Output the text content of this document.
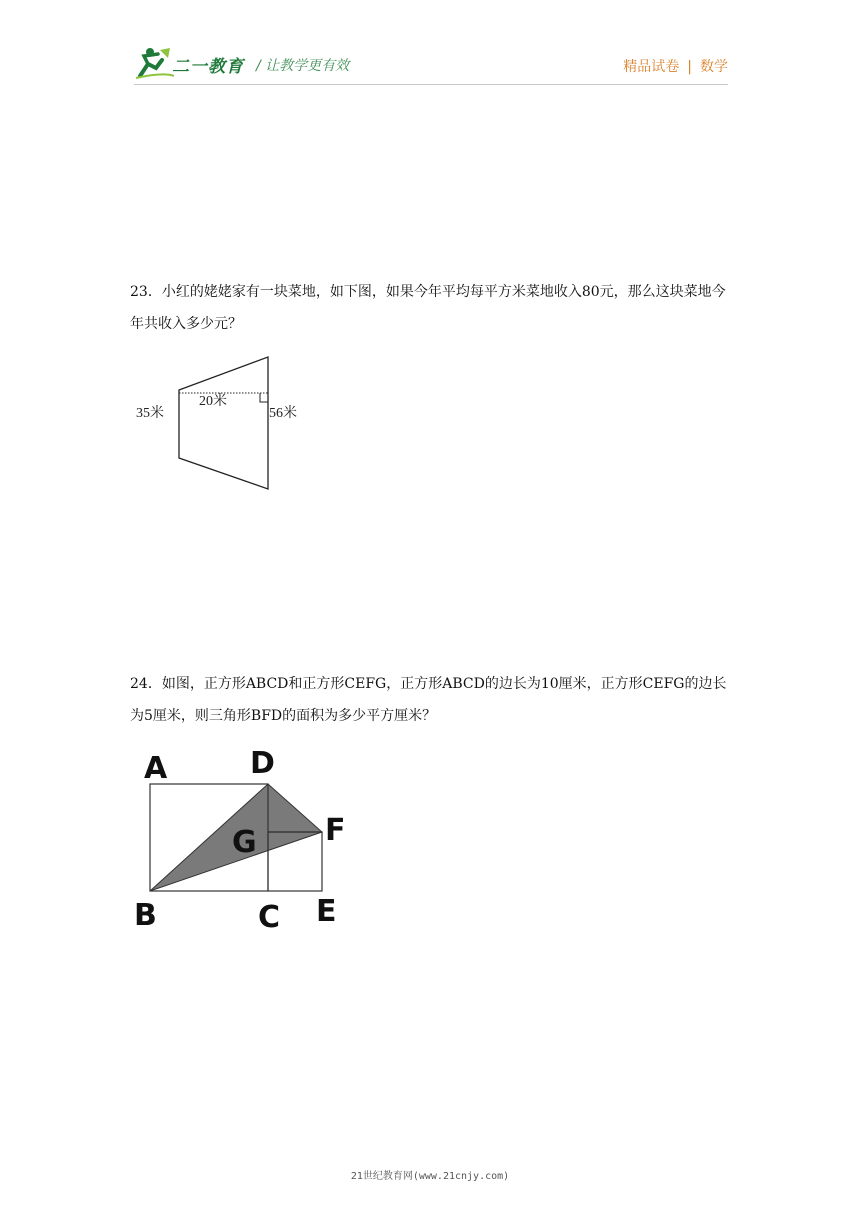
二一教育 / 让教学更有效	精品试卷 | 数学
23．小红的姥姥家有一块菜地，如下图，如果今年平均每平方米菜地收入80元，那么这块菜地今年共收入多少元？
35米
20米
56米
24．如图，正方形ABCD和正方形CEFG，正方形ABCD的边长为10厘米，正方形CEFG的边长为5厘米，则三角形BFD的面积为多少平方厘米？
A	D
G F
B	C E
21世纪教育网(www.21cnjy.com)
